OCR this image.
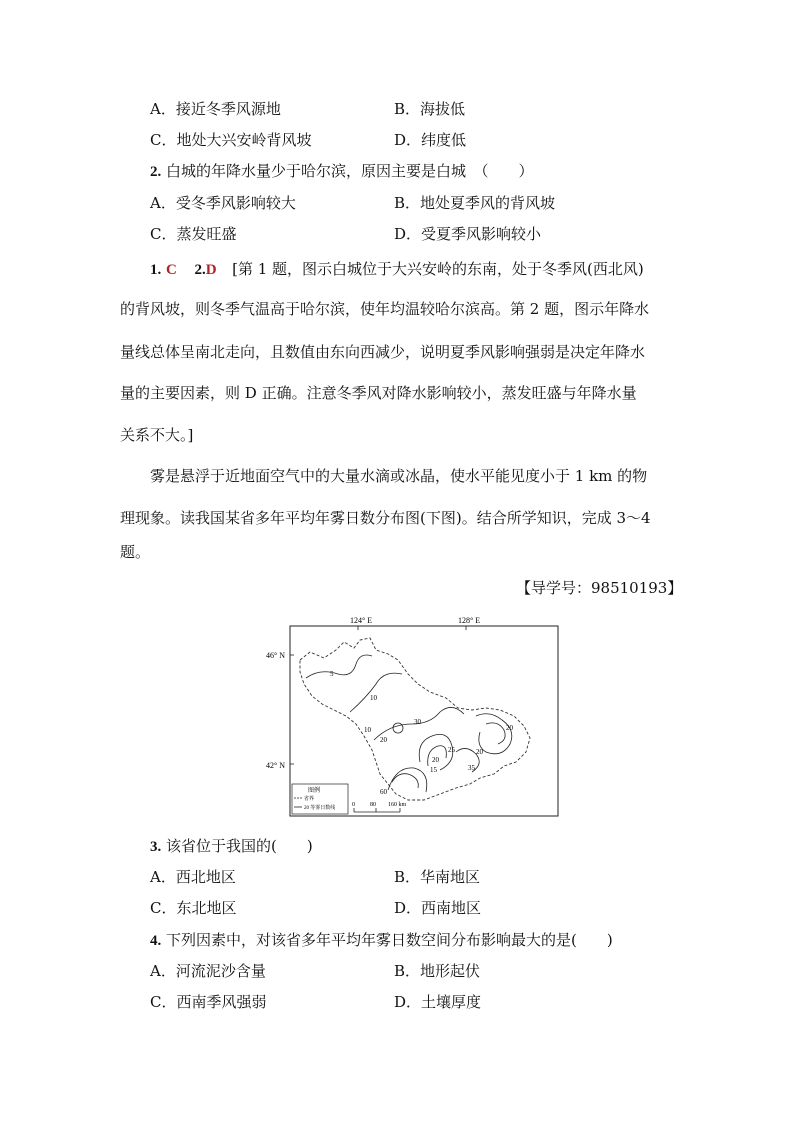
A．接近冬季风源地	B．海拔低
C．地处大兴安岭背风坡	D．纬度低
2. 白城的年降水量少于哈尔滨，原因主要是白城　（　　）
A．受冬季风影响较大	B．地处夏季风的背风坡
C．蒸发旺盛	D．受夏季风影响较小
1. C 2.D [第 1 题，图示白城位于大兴安岭的东南，处于冬季风(西北风)
的背风坡，则冬季气温高于哈尔滨，使年均温较哈尔滨高。第 2 题，图示年降水
量线总体呈南北走向，且数值由东向西减少，说明夏季风影响强弱是决定年降水
量的主要因素，则 D 正确。注意冬季风对降水影响较小，蒸发旺盛与年降水量
关系不大。]
雾是悬浮于近地面空气中的大量水滴或冰晶，使水平能见度小于 1 km 的物
理现象。读我国某省多年平均年雾日数分布图(下图)。结合所学知识，完成 3～4
题。
【导学号：98510193】
124° E	128° E
46° N
42° N
5
10
10
20
30
25
20
15
20
35
60
20
图例
省界
20 等雾日数线
0	80 160 km
3. 该省位于我国的(　　)
A．西北地区	B．华南地区
C．东北地区	D．西南地区
4. 下列因素中，对该省多年平均年雾日数空间分布影响最大的是(　　)
A．河流泥沙含量	B．地形起伏
C．西南季风强弱	D．土壤厚度
